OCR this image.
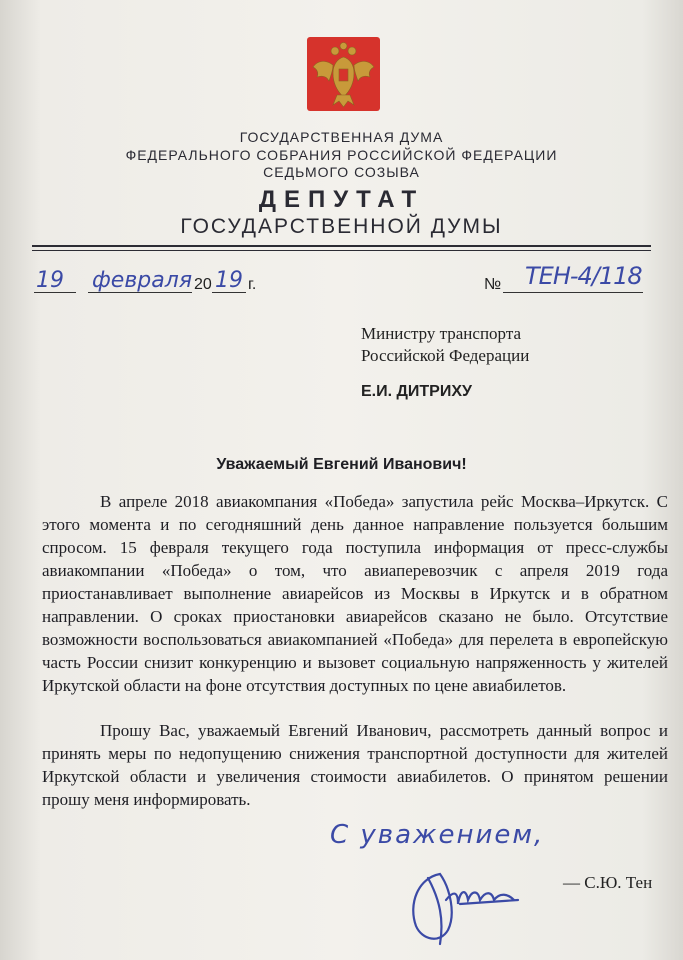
ГОСУДАРСТВЕННАЯ ДУМА
ФЕДЕРАЛЬНОГО СОБРАНИЯ РОССИЙСКОЙ ФЕДЕРАЦИИ
СЕДЬМОГО СОЗЫВА
ДЕПУТАТ
ГОСУДАРСТВЕННОЙ ДУМЫ
19 февраля 20 19 г.	№ ТЕН-4/118
Министру транспорта
Российской Федерации
Е.И. ДИТРИХУ
Уважаемый Евгений Иванович!

В апреле 2018 авиакомпания «Победа» запустила рейс Москва–Иркутск. С этого момента и по сегодняшний день данное направление пользуется большим спросом. 15 февраля текущего года поступила информация от пресс-службы авиакомпании «Победа» о том, что авиаперевозчик с апреля 2019 года приостанавливает выполнение авиарейсов из Москвы в Иркутск и в обратном направлении. О сроках приостановки авиарейсов сказано не было. Отсутствие возможности воспользоваться авиакомпанией «Победа» для перелета в европейскую часть России снизит конкуренцию и вызовет социальную напряженность у жителей Иркутской области на фоне отсутствия доступных по цене авиабилетов.

Прошу Вас, уважаемый Евгений Иванович, рассмотреть данный вопрос и принять меры по недопущению снижения транспортной доступности для жителей Иркутской области и увеличения стоимости авиабилетов. О принятом решении прошу меня информировать.

С уважением,
— С.Ю. Тен
